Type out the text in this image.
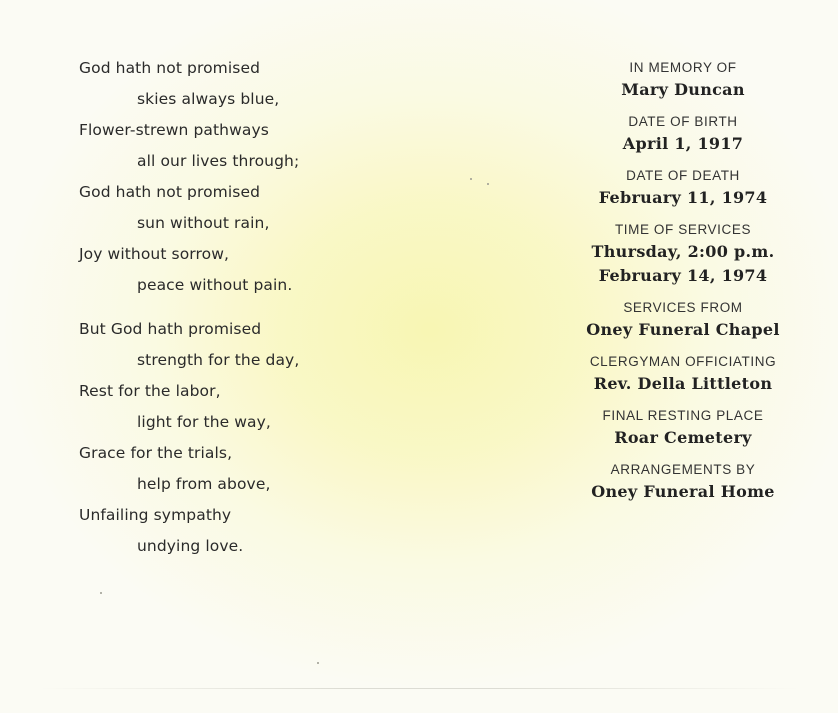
God hath not promised
skies always blue,
Flower-strewn pathways
all our lives through;
God hath not promised
sun without rain,
Joy without sorrow,
peace without pain.
But God hath promised
strength for the day,
Rest for the labor,
light for the way,
Grace for the trials,
help from above,
Unfailing sympathy
undying love.
IN MEMORY OF
Mary Duncan
DATE OF BIRTH
April 1, 1917
DATE OF DEATH
February 11, 1974
TIME OF SERVICES
Thursday, 2:00 p.m.
February 14, 1974
SERVICES FROM
Oney Funeral Chapel
CLERGYMAN OFFICIATING
Rev. Della Littleton
FINAL RESTING PLACE
Roar Cemetery
ARRANGEMENTS BY
Oney Funeral Home
